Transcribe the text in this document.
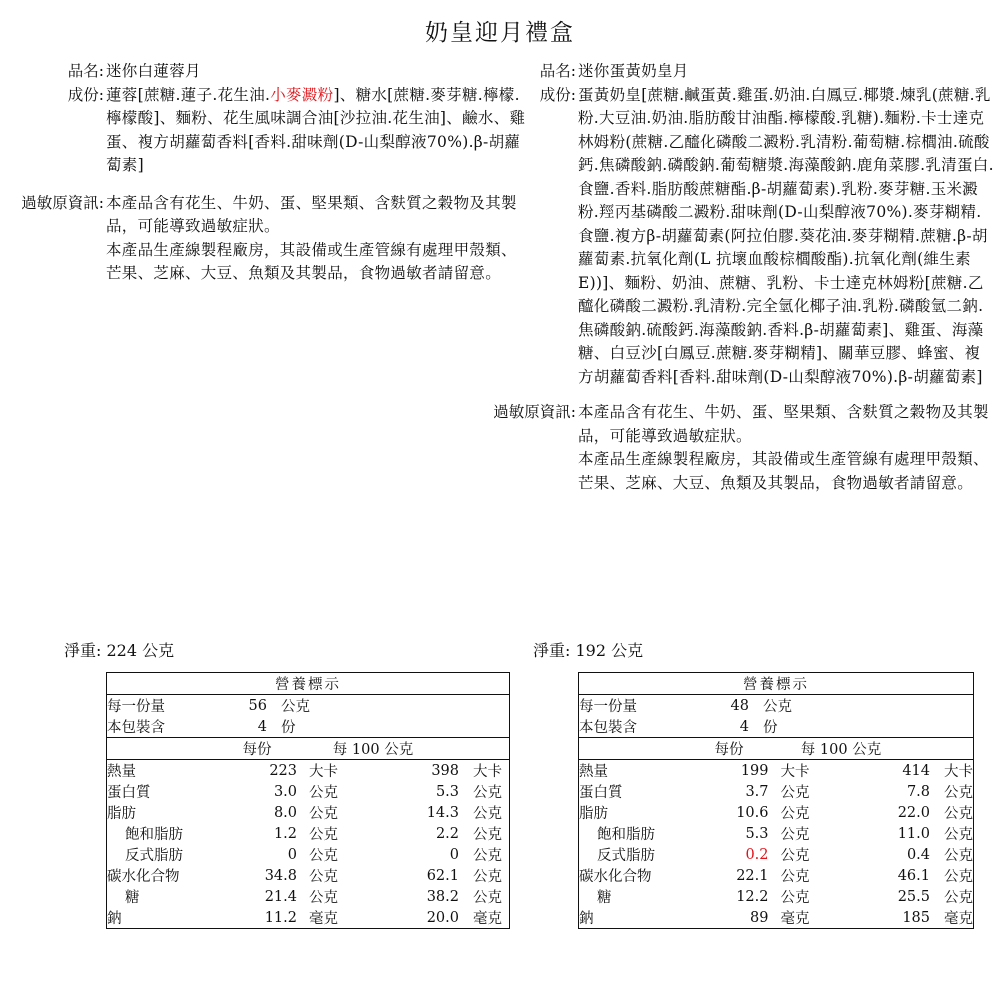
奶皇迎月禮盒
品名: 迷你白蓮蓉月
成份: 蓮蓉[蔗糖.蓮子.花生油.小麥澱粉]、糖水[蔗糖.麥芽糖.檸檬.檸檬酸]、麵粉、花生風味調合油[沙拉油.花生油]、鹼水、雞蛋、複方胡蘿蔔香料[香料.甜味劑(D-山梨醇液70%).β-胡蘿蔔素]

過敏原資訊: 本產品含有花生、牛奶、蛋、堅果類、含麩質之穀物及其製品，可能導致過敏症狀。

本產品生產線製程廠房，其設備或生產管線有處理甲殼類、芒果、芝麻、大豆、魚類及其製品，食物過敏者請留意。

品名: 迷你蛋黃奶皇月
成份: 蛋黃奶皇[蔗糖.鹹蛋黃.雞蛋.奶油.白鳳豆.椰漿.煉乳(蔗糖.乳粉.大豆油.奶油.脂肪酸甘油酯.檸檬酸.乳糖).麵粉.卡士達克林姆粉(蔗糖.乙醯化磷酸二澱粉.乳清粉.葡萄糖.棕櫚油.硫酸鈣.焦磷酸鈉.磷酸鈉.葡萄糖漿.海藻酸鈉.鹿角菜膠.乳清蛋白.食鹽.香料.脂肪酸蔗糖酯.β-胡蘿蔔素).乳粉.麥芽糖.玉米澱粉.羥丙基磷酸二澱粉.甜味劑(D-山梨醇液70%).麥芽糊精.食鹽.複方β-胡蘿蔔素(阿拉伯膠.葵花油.麥芽糊精.蔗糖.β-胡蘿蔔素.抗氧化劑(L 抗壞血酸棕櫚酸酯).抗氧化劑(維生素E))]、麵粉、奶油、蔗糖、乳粉、卡士達克林姆粉[蔗糖.乙醯化磷酸二澱粉.乳清粉.完全氫化椰子油.乳粉.磷酸氫二鈉.焦磷酸鈉.硫酸鈣.海藻酸鈉.香料.β-胡蘿蔔素]、雞蛋、海藻糖、白豆沙[白鳳豆.蔗糖.麥芽糊精]、關華豆膠、蜂蜜、複方胡蘿蔔香料[香料.甜味劑(D-山梨醇液70%).β-胡蘿蔔素]

過敏原資訊: 本產品含有花生、牛奶、蛋、堅果類、含麩質之穀物及其製品，可能導致過敏症狀。

本產品生產線製程廠房，其設備或生產管線有處理甲殼類、芒果、芝麻、大豆、魚類及其製品，食物過敏者請留意。

淨重: 224 公克	淨重: 192 公克
營養標示

每一份量	56	公克
本包裝含	4	份

	每份	每 100 公克

熱量	223	大卡	398	大卡
蛋白質	3.0	公克	5.3	公克
脂肪	8.0	公克	14.3	公克
飽和脂肪	1.2	公克	2.2	公克
反式脂肪	0	公克	0	公克
碳水化合物	34.8	公克	62.1	公克
糖	21.4	公克	38.2	公克
鈉	11.2	毫克	20.0	毫克
營養標示

每一份量	48	公克
本包裝含	4	份

	每份	每 100 公克

熱量	199	大卡	414	大卡
蛋白質	3.7	公克	7.8	公克
脂肪	10.6	公克	22.0	公克
飽和脂肪	5.3	公克	11.0	公克
反式脂肪	0.2	公克	0.4	公克
碳水化合物	22.1	公克	46.1	公克
糖	12.2	公克	25.5	公克
鈉	89	毫克	185	毫克
